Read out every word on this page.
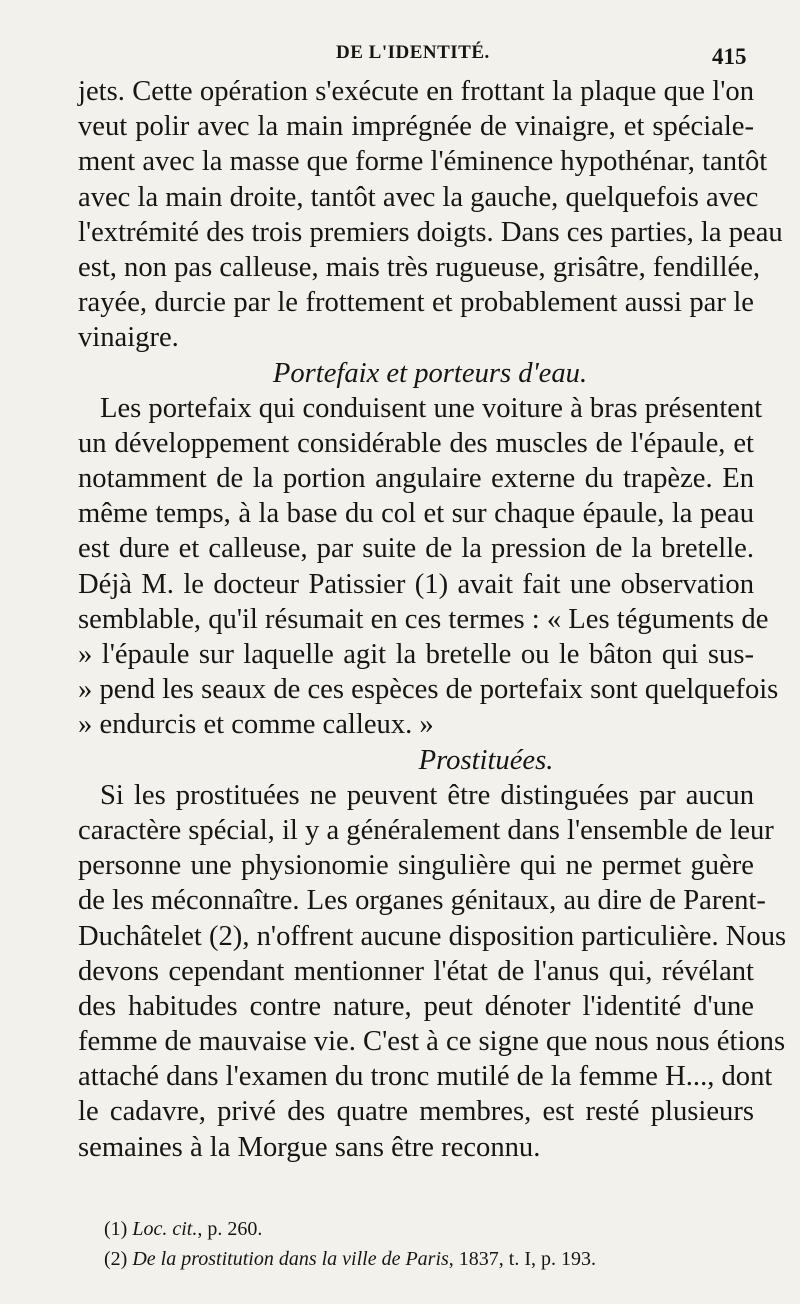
DE L'IDENTITÉ.	415
jets. Cette opération s'exécute en frottant la plaque que l'on
veut polir avec la main imprégnée de vinaigre, et spéciale-
ment avec la masse que forme l'éminence hypothénar, tantôt
avec la main droite, tantôt avec la gauche, quelquefois avec
l'extrémité des trois premiers doigts. Dans ces parties, la peau
est, non pas calleuse, mais très rugueuse, grisâtre, fendillée,
rayée, durcie par le frottement et probablement aussi par le
vinaigre.
Portefaix et porteurs d'eau.
Les portefaix qui conduisent une voiture à bras présentent
un développement considérable des muscles de l'épaule, et
notamment de la portion angulaire externe du trapèze. En
même temps, à la base du col et sur chaque épaule, la peau
est dure et calleuse, par suite de la pression de la bretelle.
Déjà M. le docteur Patissier (1) avait fait une observation
semblable, qu'il résumait en ces termes : « Les téguments de
» l'épaule sur laquelle agit la bretelle ou le bâton qui sus-
» pend les seaux de ces espèces de portefaix sont quelquefois
» endurcis et comme calleux. »
Prostituées.
Si les prostituées ne peuvent être distinguées par aucun
caractère spécial, il y a généralement dans l'ensemble de leur
personne une physionomie singulière qui ne permet guère
de les méconnaître. Les organes génitaux, au dire de Parent-
Duchâtelet (2), n'offrent aucune disposition particulière. Nous
devons cependant mentionner l'état de l'anus qui, révélant
des habitudes contre nature, peut dénoter l'identité d'une
femme de mauvaise vie. C'est à ce signe que nous nous étions
attaché dans l'examen du tronc mutilé de la femme H..., dont
le cadavre, privé des quatre membres, est resté plusieurs
semaines à la Morgue sans être reconnu.
(1) Loc. cit., p. 260.
(2) De la prostitution dans la ville de Paris, 1837, t. I, p. 193.
